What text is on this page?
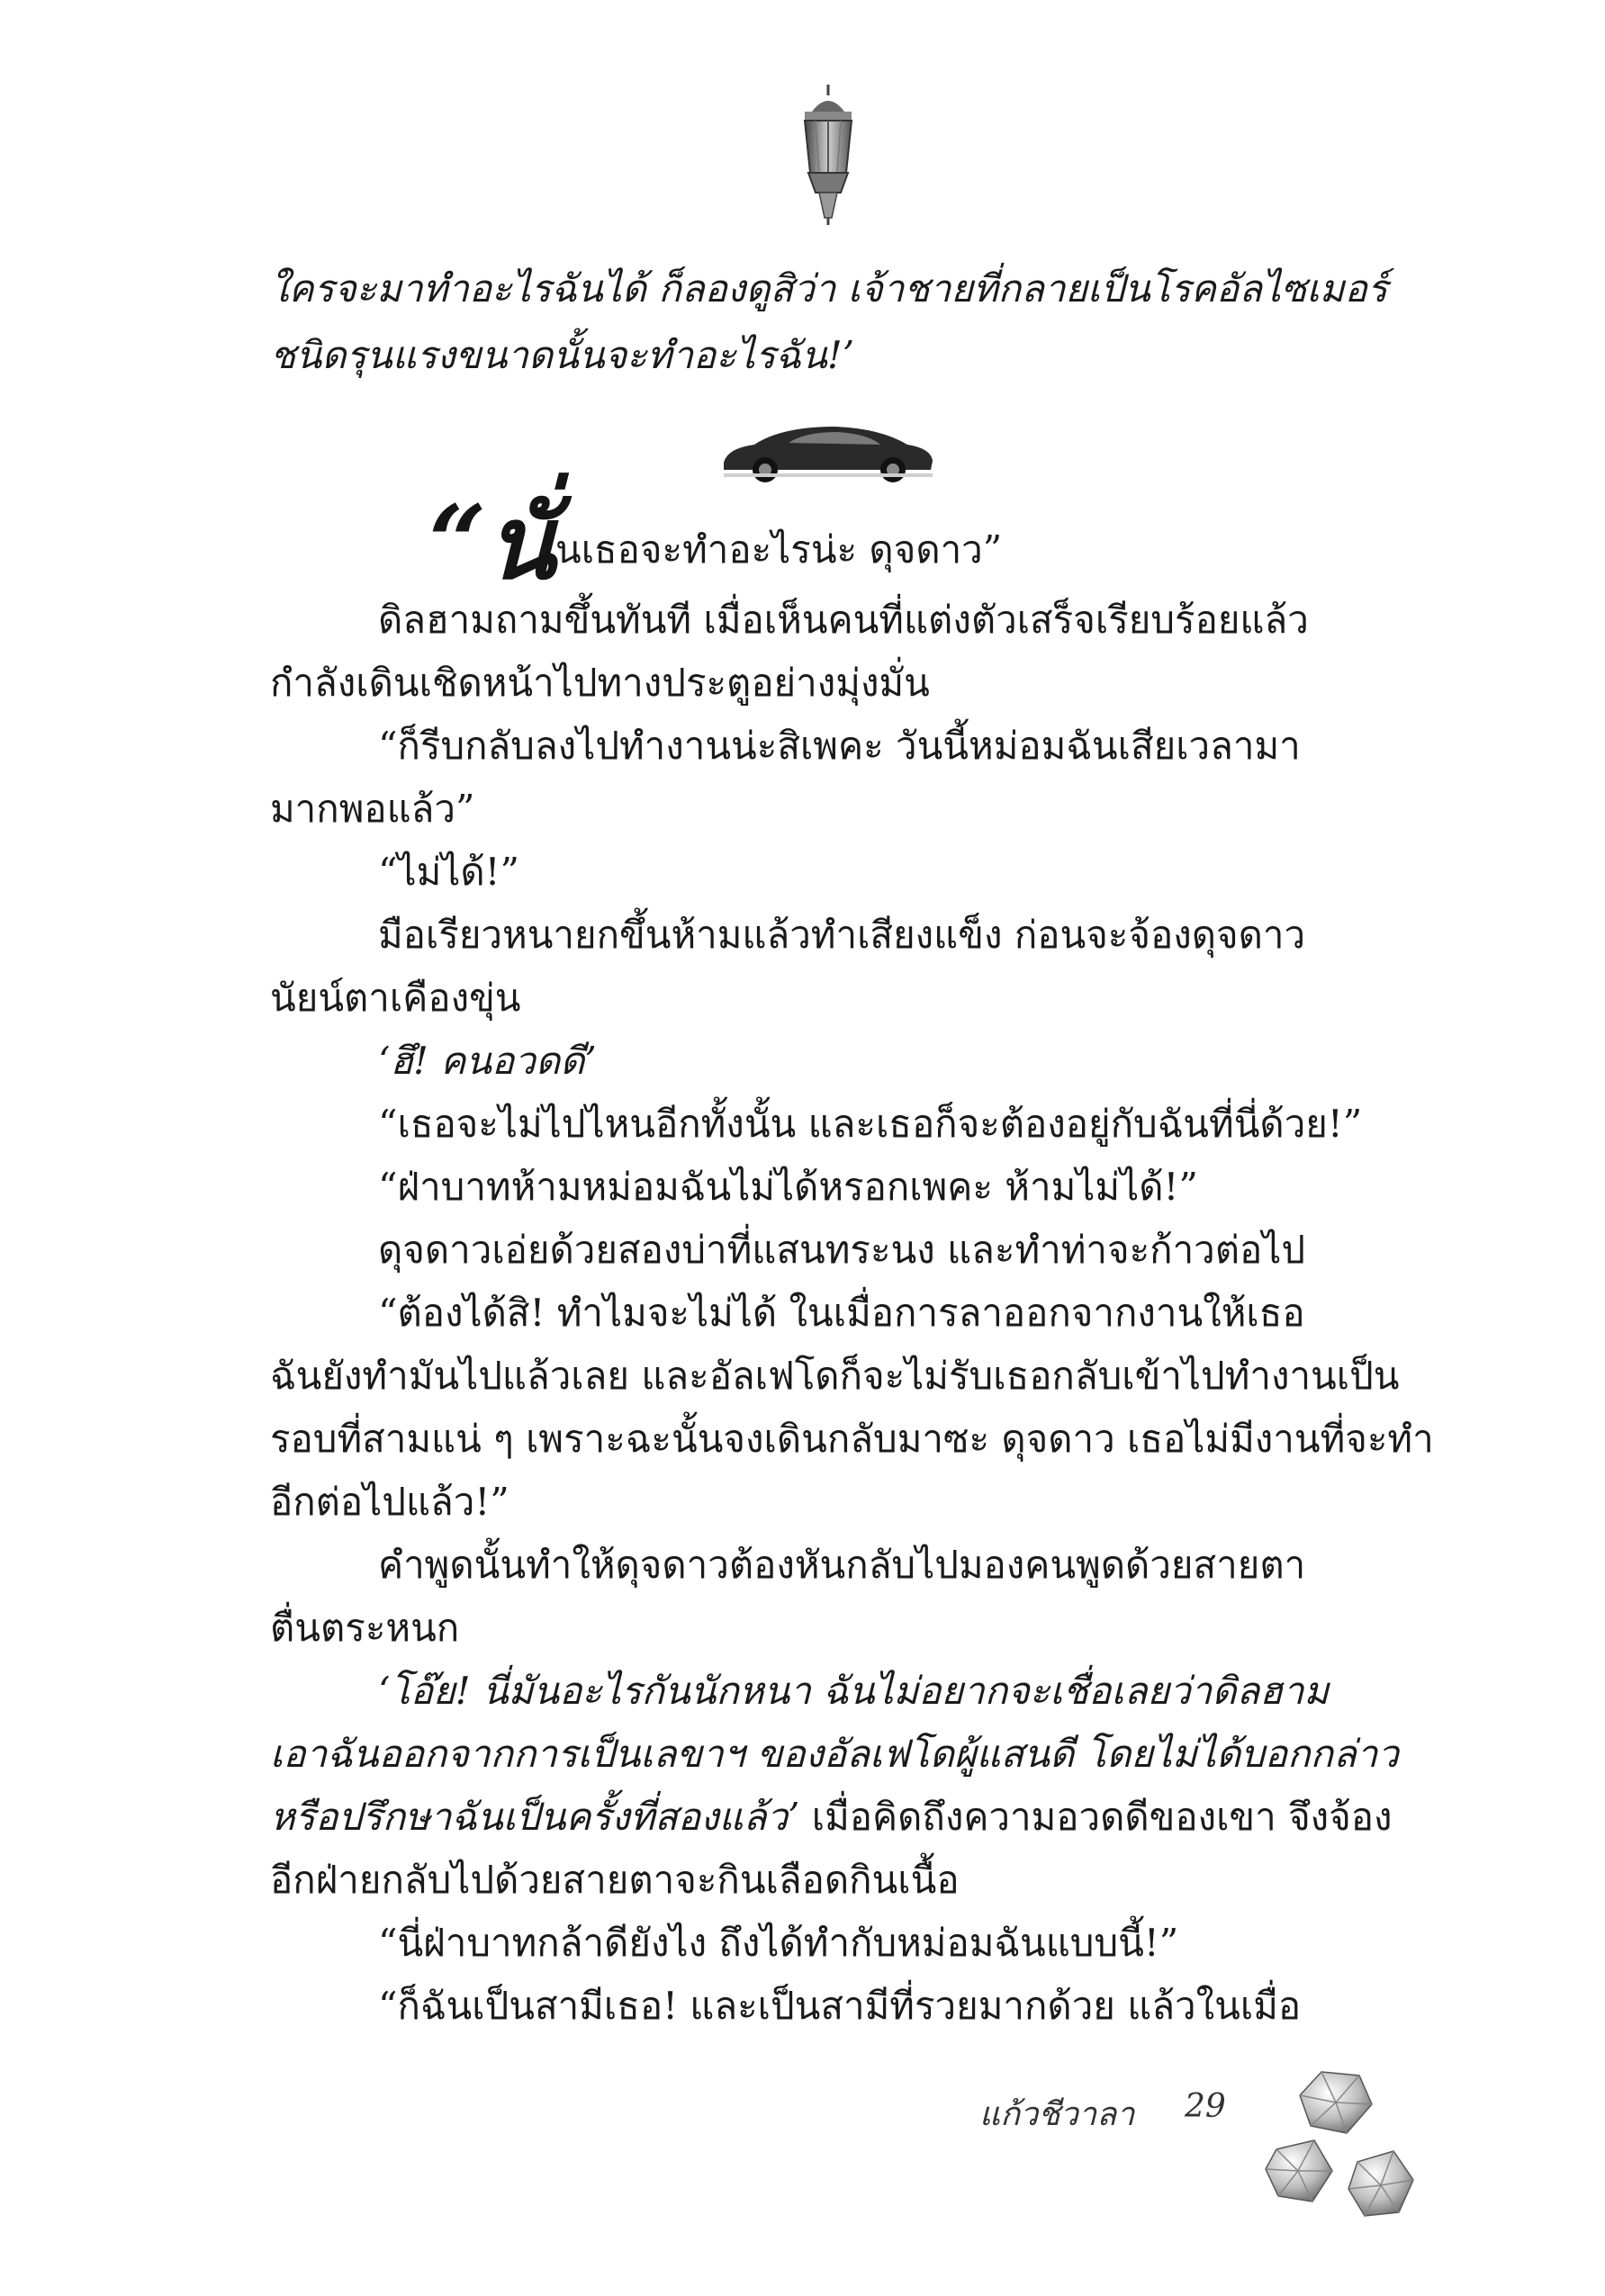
ใครจะมาทำอะไรฉันได้ ก็ลองดูสิว่า เจ้าชายที่กลายเป็นโรคอัลไซเมอร์
ชนิดรุนแรงขนาดนั้นจะทำอะไรฉัน!’
“นั่นเธอจะทำอะไรน่ะ ดุจดาว”
ดิลฮามถามขึ้นทันที เมื่อเห็นคนที่แต่งตัวเสร็จเรียบร้อยแล้ว
กำลังเดินเชิดหน้าไปทางประตูอย่างมุ่งมั่น
“ก็รีบกลับลงไปทำงานน่ะสิเพคะ วันนี้หม่อมฉันเสียเวลามา
มากพอแล้ว”
“ไม่ได้!”
มือเรียวหนายกขึ้นห้ามแล้วทำเสียงแข็ง ก่อนจะจ้องดุจดาว
นัยน์ตาเคืองขุ่น
‘ฮึ! คนอวดดี’
“เธอจะไม่ไปไหนอีกทั้งนั้น และเธอก็จะต้องอยู่กับฉันที่นี่ด้วย!”
“ฝ่าบาทห้ามหม่อมฉันไม่ได้หรอกเพคะ ห้ามไม่ได้!”
ดุจดาวเอ่ยด้วยสองบ่าที่แสนทระนง และทำท่าจะก้าวต่อไป
“ต้องได้สิ! ทำไมจะไม่ได้ ในเมื่อการลาออกจากงานให้เธอ
ฉันยังทำมันไปแล้วเลย และอัลเฟโดก็จะไม่รับเธอกลับเข้าไปทำงานเป็น
รอบที่สามแน่ ๆ เพราะฉะนั้นจงเดินกลับมาซะ ดุจดาว เธอไม่มีงานที่จะทำ
อีกต่อไปแล้ว!”
คำพูดนั้นทำให้ดุจดาวต้องหันกลับไปมองคนพูดด้วยสายตา
ตื่นตระหนก
‘โอ๊ย! นี่มันอะไรกันนักหนา ฉันไม่อยากจะเชื่อเลยว่าดิลฮาม
เอาฉันออกจากการเป็นเลขาฯ ของอัลเฟโดผู้แสนดี โดยไม่ได้บอกกล่าว
หรือปรึกษาฉันเป็นครั้งที่สองแล้ว’ เมื่อคิดถึงความอวดดีของเขา จึงจ้อง
อีกฝ่ายกลับไปด้วยสายตาจะกินเลือดกินเนื้อ
“นี่ฝ่าบาทกล้าดียังไง ถึงได้ทำกับหม่อมฉันแบบนี้!”
“ก็ฉันเป็นสามีเธอ! และเป็นสามีที่รวยมากด้วย แล้วในเมื่อ
แก้วชีวาลา 29
